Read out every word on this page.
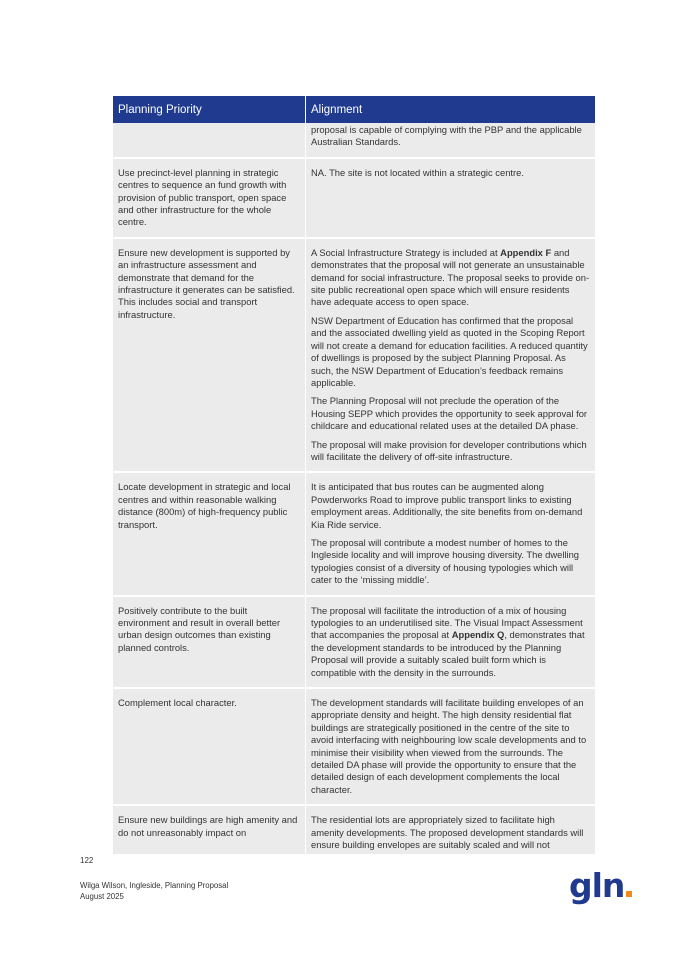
Planning Priority	Alignment

	proposal is capable of complying with the PBP and the applicable Australian Standards.

Use precinct-level planning in strategic centres to sequence an fund growth with provision of public transport, open space and other infrastructure for the whole centre.	NA. The site is not located within a strategic centre.

Ensure new development is supported by an infrastructure assessment and demonstrate that demand for the infrastructure it generates can be satisfied. This includes social and transport infrastructure.	A Social Infrastructure Strategy is included at Appendix F and demonstrates that the proposal will not generate an unsustainable demand for social infrastructure. The proposal seeks to provide on-site public recreational open space which will ensure residents have adequate access to open space.

NSW Department of Education has confirmed that the proposal and the associated dwelling yield as quoted in the Scoping Report will not create a demand for education facilities. A reduced quantity of dwellings is proposed by the subject Planning Proposal. As such, the NSW Department of Education’s feedback remains applicable.

The Planning Proposal will not preclude the operation of the Housing SEPP which provides the opportunity to seek approval for childcare and educational related uses at the detailed DA phase.

The proposal will make provision for developer contributions which will facilitate the delivery of off-site infrastructure.

Locate development in strategic and local centres and within reasonable walking distance (800m) of high-frequency public transport.	It is anticipated that bus routes can be augmented along Powderworks Road to improve public transport links to existing employment areas. Additionally, the site benefits from on-demand Kia Ride service.

The proposal will contribute a modest number of homes to the Ingleside locality and will improve housing diversity. The dwelling typologies consist of a diversity of housing typologies which will cater to the ‘missing middle’.

Positively contribute to the built environment and result in overall better urban design outcomes than existing planned controls.	The proposal will facilitate the introduction of a mix of housing typologies to an underutilised site. The Visual Impact Assessment that accompanies the proposal at Appendix Q, demonstrates that the development standards to be introduced by the Planning Proposal will provide a suitably scaled built form which is compatible with the density in the surrounds.

Complement local character.	The development standards will facilitate building envelopes of an appropriate density and height. The high density residential flat buildings are strategically positioned in the centre of the site to avoid interfacing with neighbouring low scale developments and to minimise their visibility when viewed from the surrounds. The detailed DA phase will provide the opportunity to ensure that the detailed design of each development complements the local character.

Ensure new buildings are high amenity and do not unreasonably impact on	The residential lots are appropriately sized to facilitate high amenity developments. The proposed development standards will ensure building envelopes are suitably scaled and will not

122
Wilga Wilson, Ingleside, Planning Proposal
August 2025	gln
